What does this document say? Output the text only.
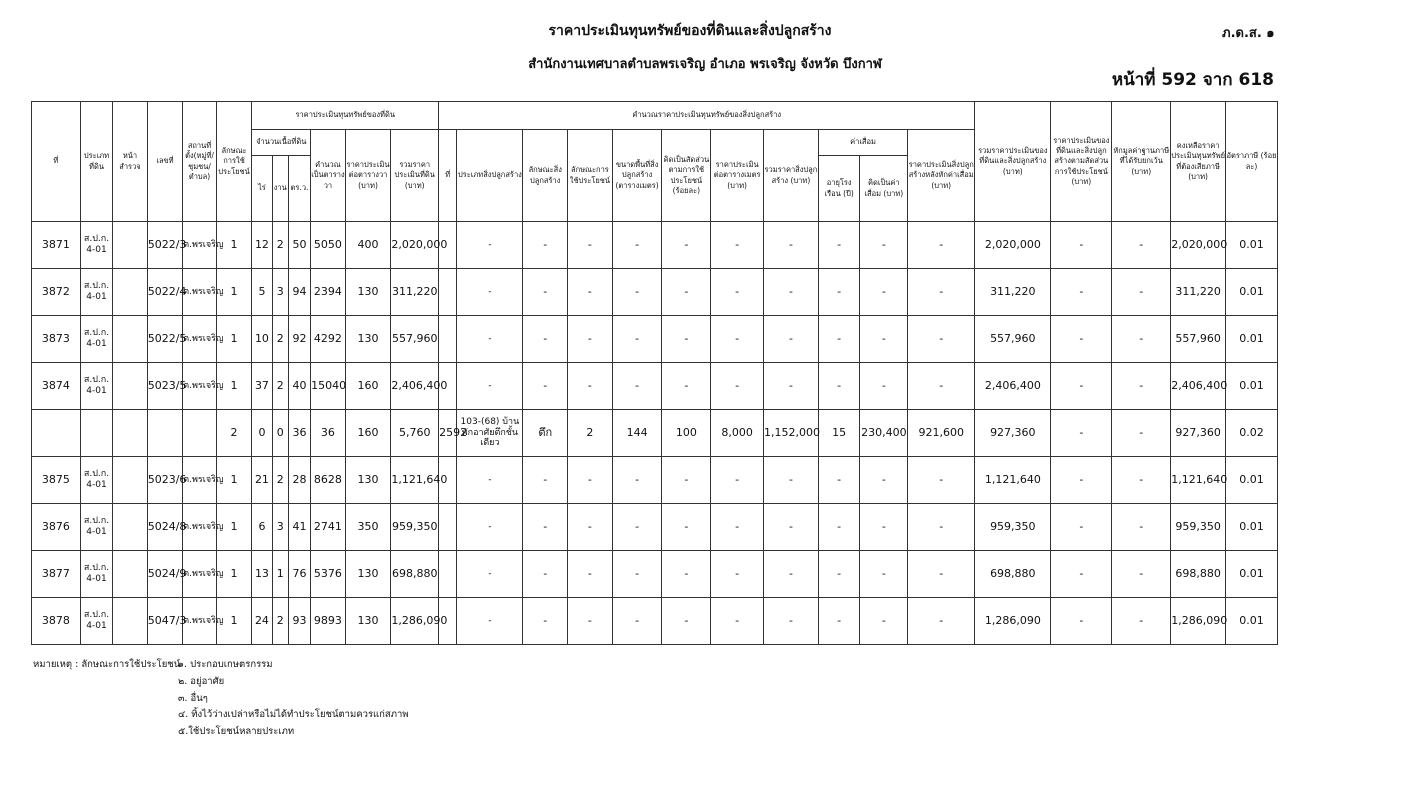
ราคาประเมินทุนทรัพย์ของที่ดินและสิ่งปลูกสร้าง
สำนักงานเทศบาลตำบลพรเจริญ อำเภอ พรเจริญ จังหวัด บึงกาฬ
ภ.ด.ส. ๑
หน้าที่ 592 จาก 618
ที่	ประเภทที่ดิน	หน้าสำรวจ	เลขที่	สถานที่ตั้ง(หมู่ที่/ชุมชน/ตำบล)	ลักษณะการใช้ประโยชน์	ราคาประเมินทุนทรัพย์ของที่ดิน						คำนวณราคาประเมินทุนทรัพย์ของสิ่งปลูกสร้าง											รวมราคาประเมินของที่ดินและสิ่งปลูกสร้าง (บาท)	ราคาประเมินของที่ดินและสิ่งปลูกสร้างตามสัดส่วนการใช้ประโยชน์ (บาท)	หักมูลค่าฐานภาษีที่ได้รับยกเว้น (บาท)	คงเหลือราคาประเมินทุนทรัพย์ที่ต้องเสียภาษี (บาท)	อัตราภาษี (ร้อยละ)
						จำนวนเนื้อที่ดิน			คำนวณเป็นตารางวา	ราคาประเมินต่อตารางวา (บาท)	รวมราคาประเมินที่ดิน (บาท)	ที่	ประเภทสิ่งปลูกสร้าง	ลักษณะสิ่งปลูกสร้าง	ลักษณะการใช้ประโยชน์	ขนาดพื้นที่สิ่งปลูกสร้าง (ตารางเมตร)	คิดเป็นสัดส่วนตามการใช้ประโยชน์ (ร้อยละ)	ราคาประเมินต่อตารางเมตร (บาท)	รวมราคาสิ่งปลูกสร้าง (บาท)	ค่าเสื่อม		ราคาประเมินสิ่งปลูกสร้างหลังหักค่าเสื่อม (บาท)					
						ไร่	งาน	ตร.ว.												อายุโรงเรือน (ปี)	คิดเป็นค่าเสื่อม (บาท)						
3871	ส.ป.ก. 4-01		5022/3	ต.พรเจริญ	1	12	2	50	5050	400	2,020,000		-	-	-	-	-	-	-	-	-	-	2,020,000	-	-	2,020,000	0.01
3872	ส.ป.ก. 4-01		5022/4	ต.พรเจริญ	1	5	3	94	2394	130	311,220		-	-	-	-	-	-	-	-	-	-	311,220	-	-	311,220	0.01
3873	ส.ป.ก. 4-01		5022/5	ต.พรเจริญ	1	10	2	92	4292	130	557,960		-	-	-	-	-	-	-	-	-	-	557,960	-	-	557,960	0.01
3874	ส.ป.ก. 4-01		5023/5	ต.พรเจริญ	1	37	2	40	15040	160	2,406,400		-	-	-	-	-	-	-	-	-	-	2,406,400	-	-	2,406,400	0.01
					2	0	0	36	36	160	5,760	2592	103-(68) บ้านพักอาศัยตึกชั้นเดียว	ตึก	2	144	100	8,000	1,152,000	15	230,400	921,600	927,360	-	-	927,360	0.02
3875	ส.ป.ก. 4-01		5023/6	ต.พรเจริญ	1	21	2	28	8628	130	1,121,640		-	-	-	-	-	-	-	-	-	-	1,121,640	-	-	1,121,640	0.01
3876	ส.ป.ก. 4-01		5024/8	ต.พรเจริญ	1	6	3	41	2741	350	959,350		-	-	-	-	-	-	-	-	-	-	959,350	-	-	959,350	0.01
3877	ส.ป.ก. 4-01		5024/9	ต.พรเจริญ	1	13	1	76	5376	130	698,880		-	-	-	-	-	-	-	-	-	-	698,880	-	-	698,880	0.01
3878	ส.ป.ก. 4-01		5047/3	ต.พรเจริญ	1	24	2	93	9893	130	1,286,090		-	-	-	-	-	-	-	-	-	-	1,286,090	-	-	1,286,090	0.01
หมายเหตุ : ลักษณะการใช้ประโยชน์
๑. ประกอบเกษตรกรรม
๒. อยู่อาศัย
๓. อื่นๆ
๔. ทิ้งไว้ว่างเปล่าหรือไม่ได้ทำประโยชน์ตามควรแก่สภาพ
๕.ใช้ประโยชน์หลายประเภท
